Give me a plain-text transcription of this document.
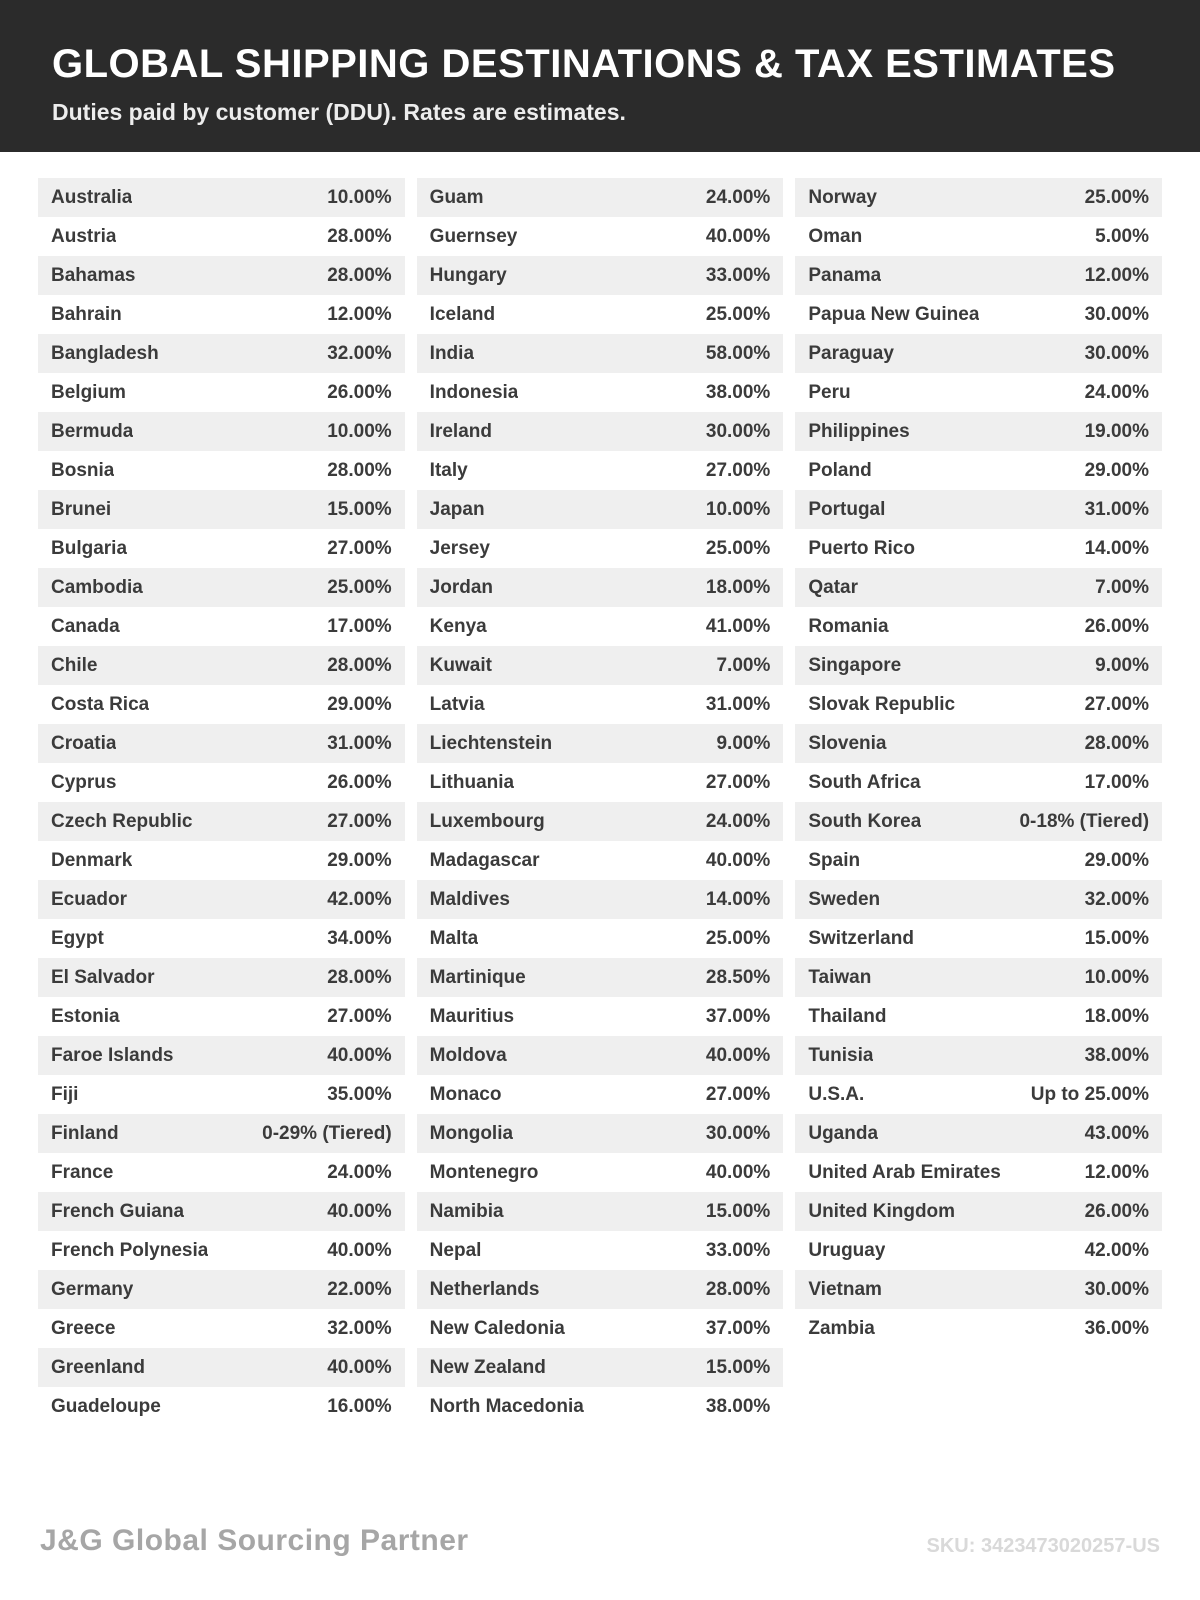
GLOBAL SHIPPING DESTINATIONS & TAX ESTIMATES
Duties paid by customer (DDU). Rates are estimates.
Australia	10.00%
Austria	28.00%
Bahamas	28.00%
Bahrain	12.00%
Bangladesh	32.00%
Belgium	26.00%
Bermuda	10.00%
Bosnia	28.00%
Brunei	15.00%
Bulgaria	27.00%
Cambodia	25.00%
Canada	17.00%
Chile	28.00%
Costa Rica	29.00%
Croatia	31.00%
Cyprus	26.00%
Czech Republic	27.00%
Denmark	29.00%
Ecuador	42.00%
Egypt	34.00%
El Salvador	28.00%
Estonia	27.00%
Faroe Islands	40.00%
Fiji	35.00%
Finland	0-29% (Tiered)
France	24.00%
French Guiana	40.00%
French Polynesia	40.00%
Germany	22.00%
Greece	32.00%
Greenland	40.00%
Guadeloupe	16.00%
Guam	24.00%
Guernsey	40.00%
Hungary	33.00%
Iceland	25.00%
India	58.00%
Indonesia	38.00%
Ireland	30.00%
Italy	27.00%
Japan	10.00%
Jersey	25.00%
Jordan	18.00%
Kenya	41.00%
Kuwait	7.00%
Latvia	31.00%
Liechtenstein	9.00%
Lithuania	27.00%
Luxembourg	24.00%
Madagascar	40.00%
Maldives	14.00%
Malta	25.00%
Martinique	28.50%
Mauritius	37.00%
Moldova	40.00%
Monaco	27.00%
Mongolia	30.00%
Montenegro	40.00%
Namibia	15.00%
Nepal	33.00%
Netherlands	28.00%
New Caledonia	37.00%
New Zealand	15.00%
North Macedonia	38.00%
Norway	25.00%
Oman	5.00%
Panama	12.00%
Papua New Guinea	30.00%
Paraguay	30.00%
Peru	24.00%
Philippines	19.00%
Poland	29.00%
Portugal	31.00%
Puerto Rico	14.00%
Qatar	7.00%
Romania	26.00%
Singapore	9.00%
Slovak Republic	27.00%
Slovenia	28.00%
South Africa	17.00%
South Korea	0-18% (Tiered)
Spain	29.00%
Sweden	32.00%
Switzerland	15.00%
Taiwan	10.00%
Thailand	18.00%
Tunisia	38.00%
U.S.A.	Up to 25.00%
Uganda	43.00%
United Arab Emirates	12.00%
United Kingdom	26.00%
Uruguay	42.00%
Vietnam	30.00%
Zambia	36.00%
J&G Global Sourcing Partner	SKU: 3423473020257-US
